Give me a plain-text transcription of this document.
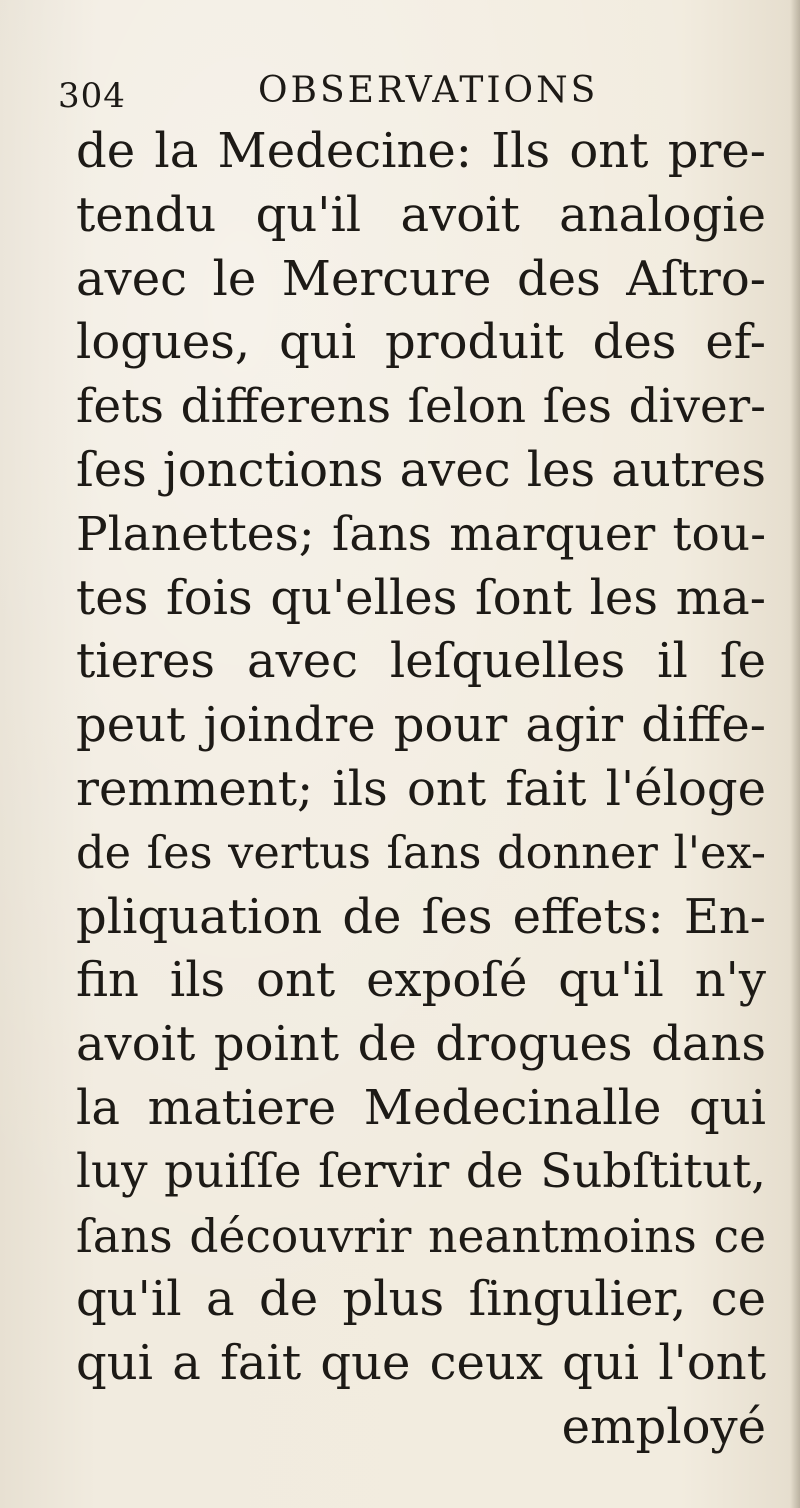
304	OBSERVATIONS
de la Medecine: Ils ont pre-
tendu qu'il avoit analogie
avec le Mercure des Aſtro-
logues, qui produit des ef-
fets differens ſelon ſes diver-
ſes jonctions avec les autres
Planettes; ſans marquer tou-
tes fois qu'elles ſont les ma-
tieres avec leſquelles il ſe
peut joindre pour agir diffe-
remment; ils ont fait l'éloge
de ſes vertus ſans donner l'ex-
pliquation de ſes effets: En-
fin ils ont expoſé qu'il n'y
avoit point de drogues dans
la matiere Medecinalle qui
luy puiſſe ſervir de Subſtitut,
ſans découvrir neantmoins ce
qu'il a de plus ſingulier, ce
qui a fait que ceux qui l'ont
employé
